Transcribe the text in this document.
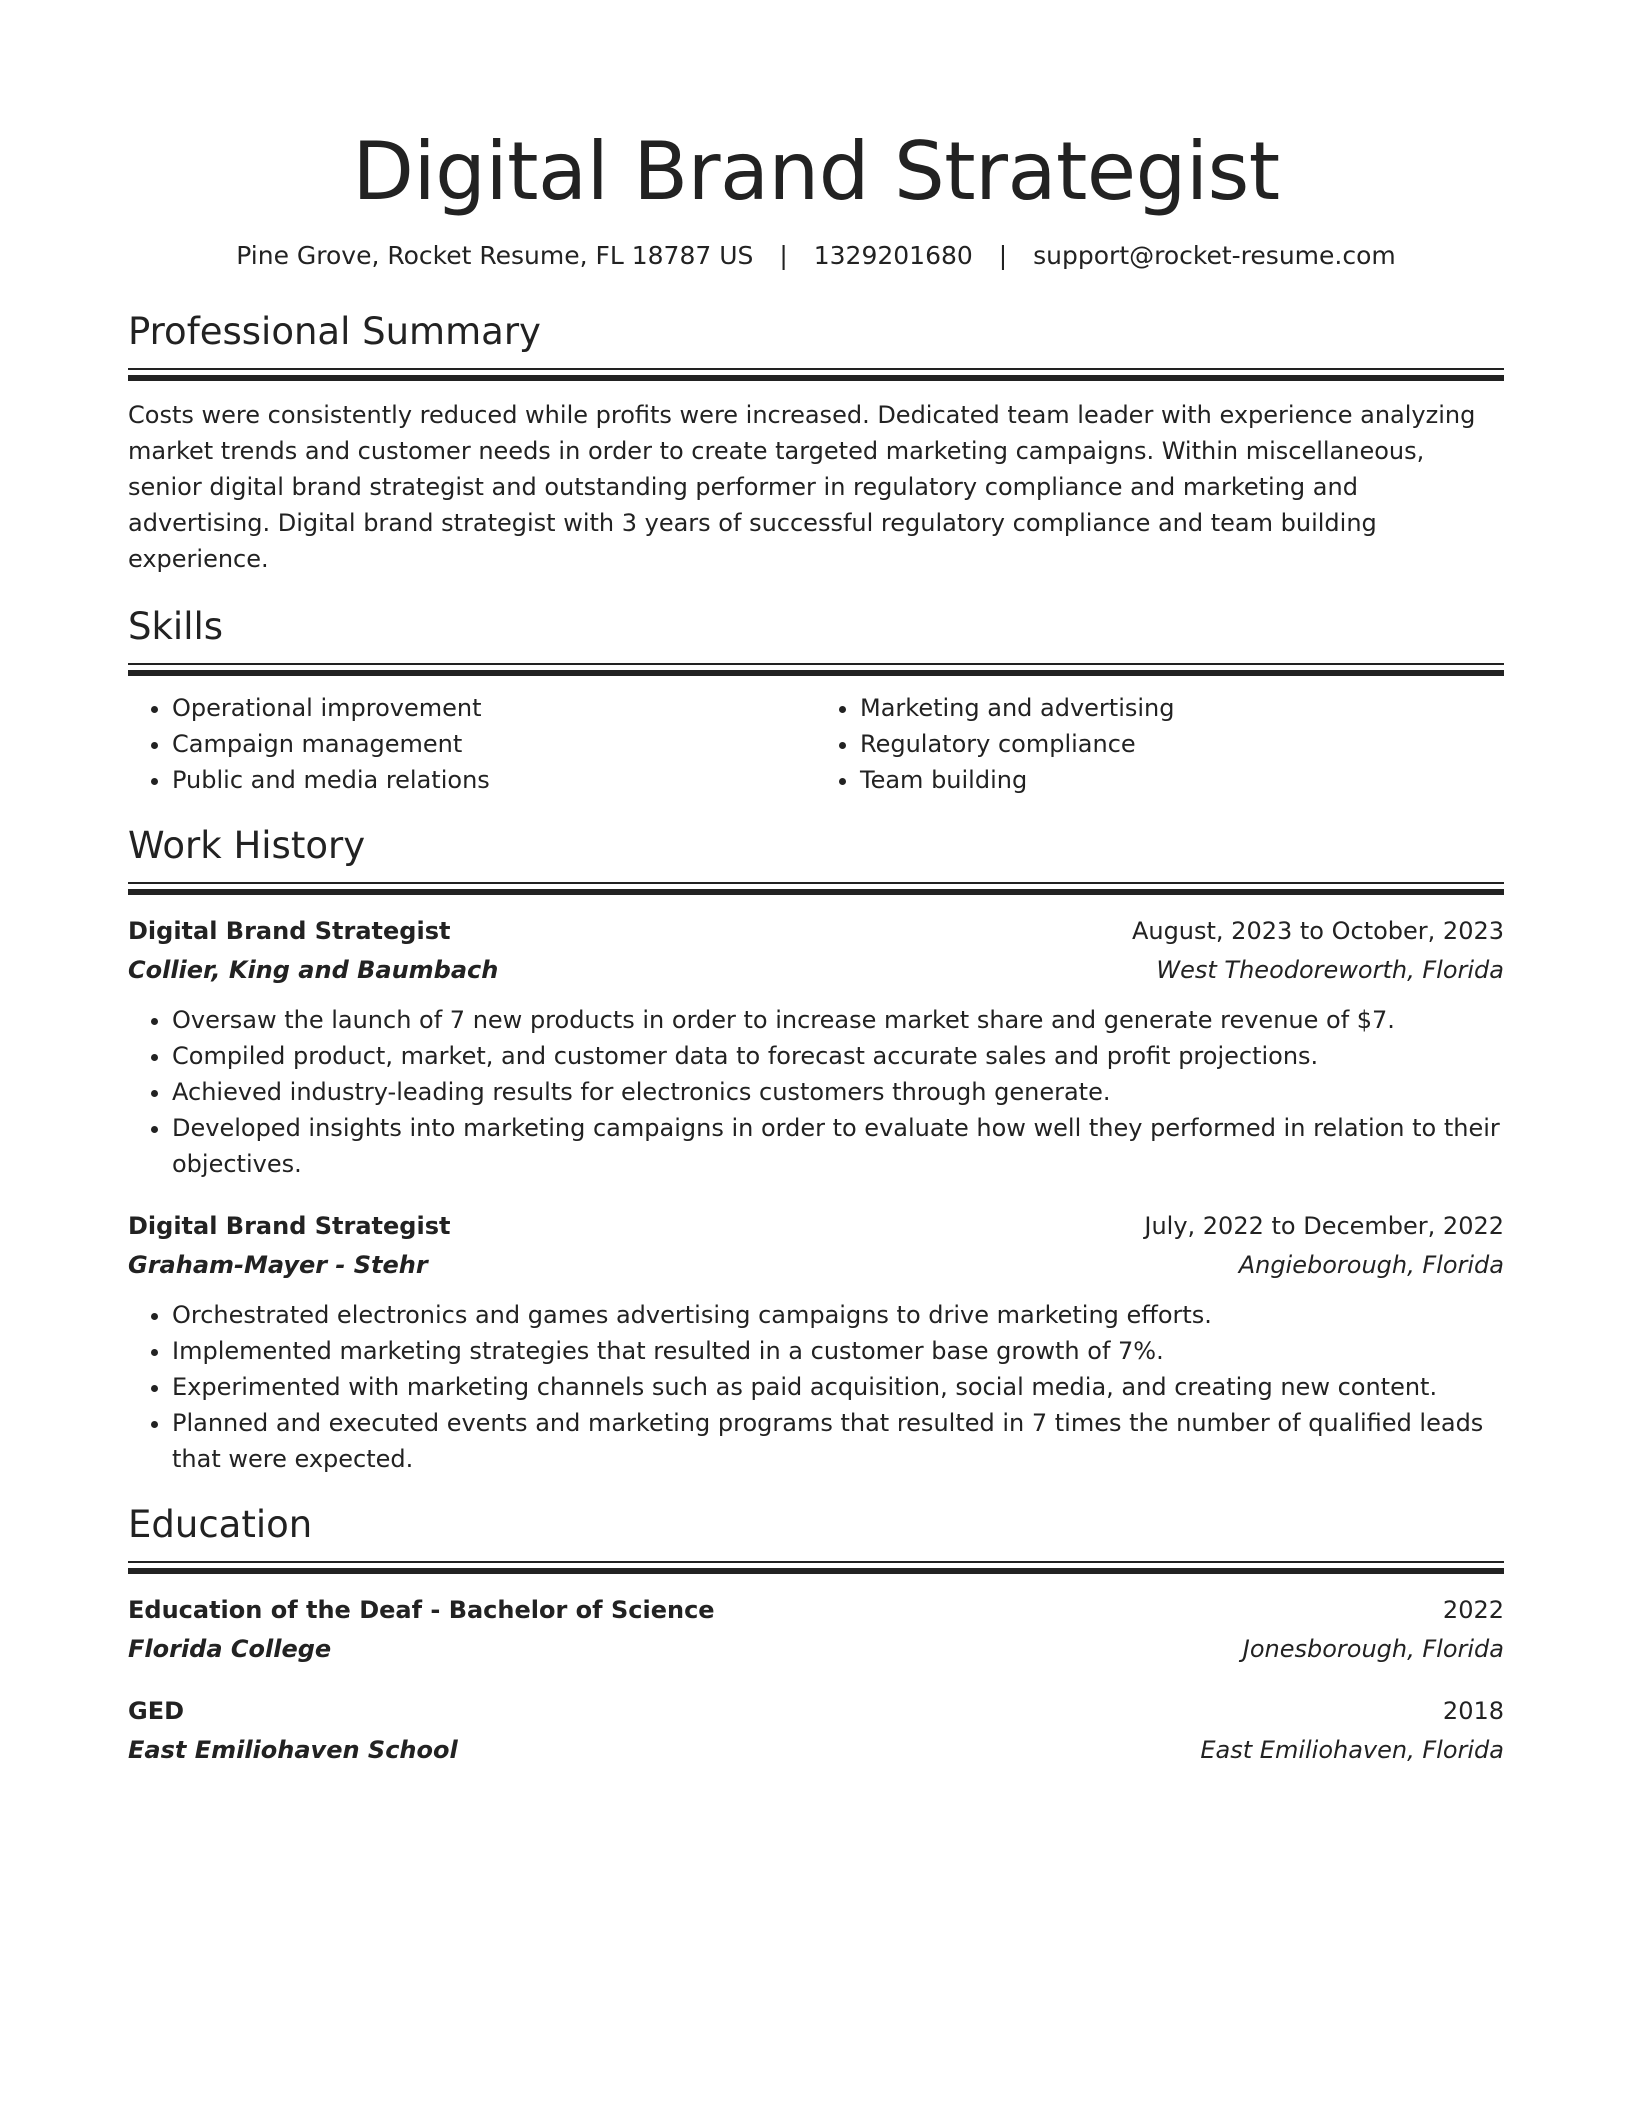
Digital Brand Strategist
Pine Grove, Rocket Resume, FL 18787 US | 1329201680 | support@rocket-resume.com
Professional Summary

Costs were consistently reduced while profits were increased. Dedicated team leader with experience analyzing market trends and customer needs in order to create targeted marketing campaigns. Within miscellaneous, senior digital brand strategist and outstanding performer in regulatory compliance and marketing and advertising. Digital brand strategist with 3 years of successful regulatory compliance and team building experience.

Skills
• Operational improvement
• Campaign management
• Public and media relations
• Marketing and advertising
• Regulatory compliance
• Team building
Work History
Digital Brand Strategist	August, 2023 to October, 2023
Collier, King and Baumbach	West Theodoreworth, Florida
• Oversaw the launch of 7 new products in order to increase market share and generate revenue of $7.
• Compiled product, market, and customer data to forecast accurate sales and profit projections.
• Achieved industry-leading results for electronics customers through generate.
• Developed insights into marketing campaigns in order to evaluate how well they performed in relation to their objectives.
Digital Brand Strategist	July, 2022 to December, 2022
Graham-Mayer - Stehr	Angieborough, Florida
• Orchestrated electronics and games advertising campaigns to drive marketing efforts.
• Implemented marketing strategies that resulted in a customer base growth of 7%.
• Experimented with marketing channels such as paid acquisition, social media, and creating new content.
• Planned and executed events and marketing programs that resulted in 7 times the number of qualified leads that were expected.
Education
Education of the Deaf - Bachelor of Science	2022
Florida College	Jonesborough, Florida
GED	2018
East Emiliohaven School	East Emiliohaven, Florida
